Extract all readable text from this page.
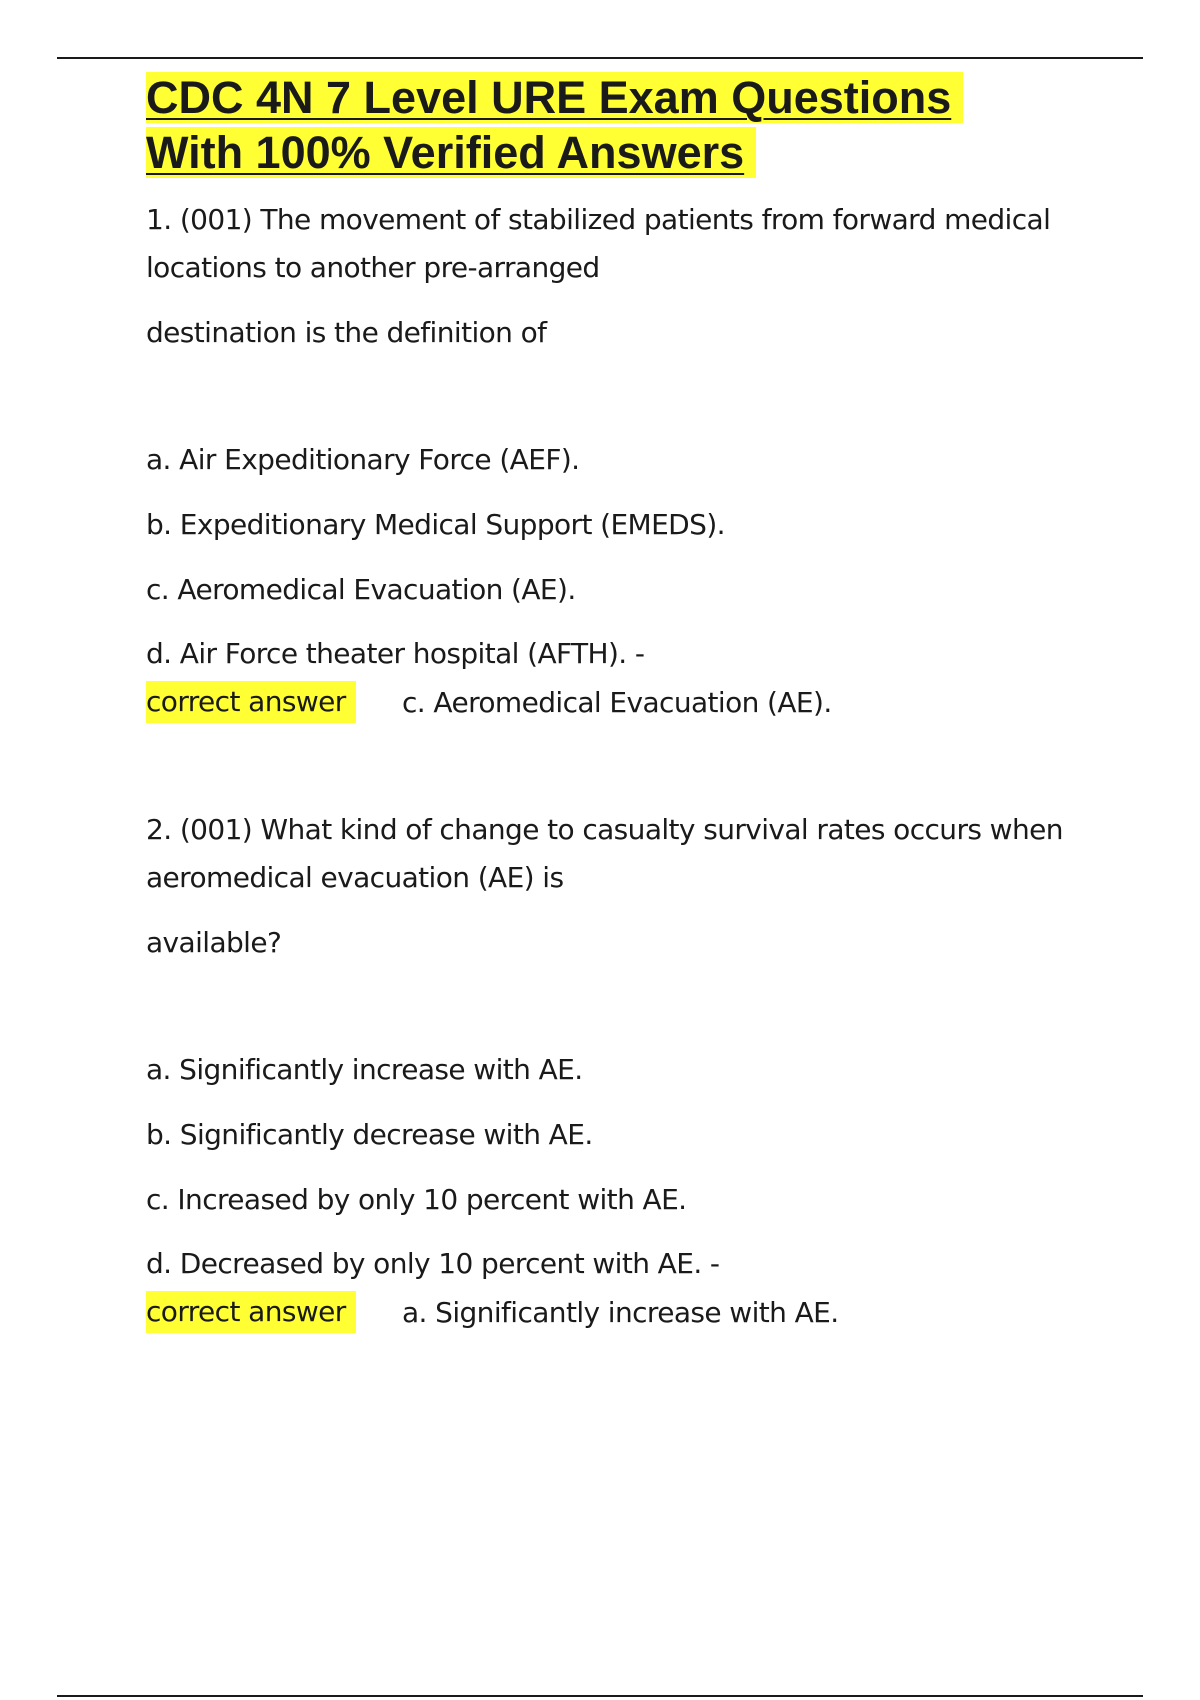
CDC 4N 7 Level URE Exam Questions
With 100% Verified Answers
1. (001) The movement of stabilized patients from forward medical
locations to another pre-arranged
destination is the definition of
a. Air Expeditionary Force (AEF).
b. Expeditionary Medical Support (EMEDS).
c. Aeromedical Evacuation (AE).
d. Air Force theater hospital (AFTH). -
correct answer	c. Aeromedical Evacuation (AE).
2. (001) What kind of change to casualty survival rates occurs when
aeromedical evacuation (AE) is
available?
a. Significantly increase with AE.
b. Significantly decrease with AE.
c. Increased by only 10 percent with AE.
d. Decreased by only 10 percent with AE. -
correct answer	a. Significantly increase with AE.
